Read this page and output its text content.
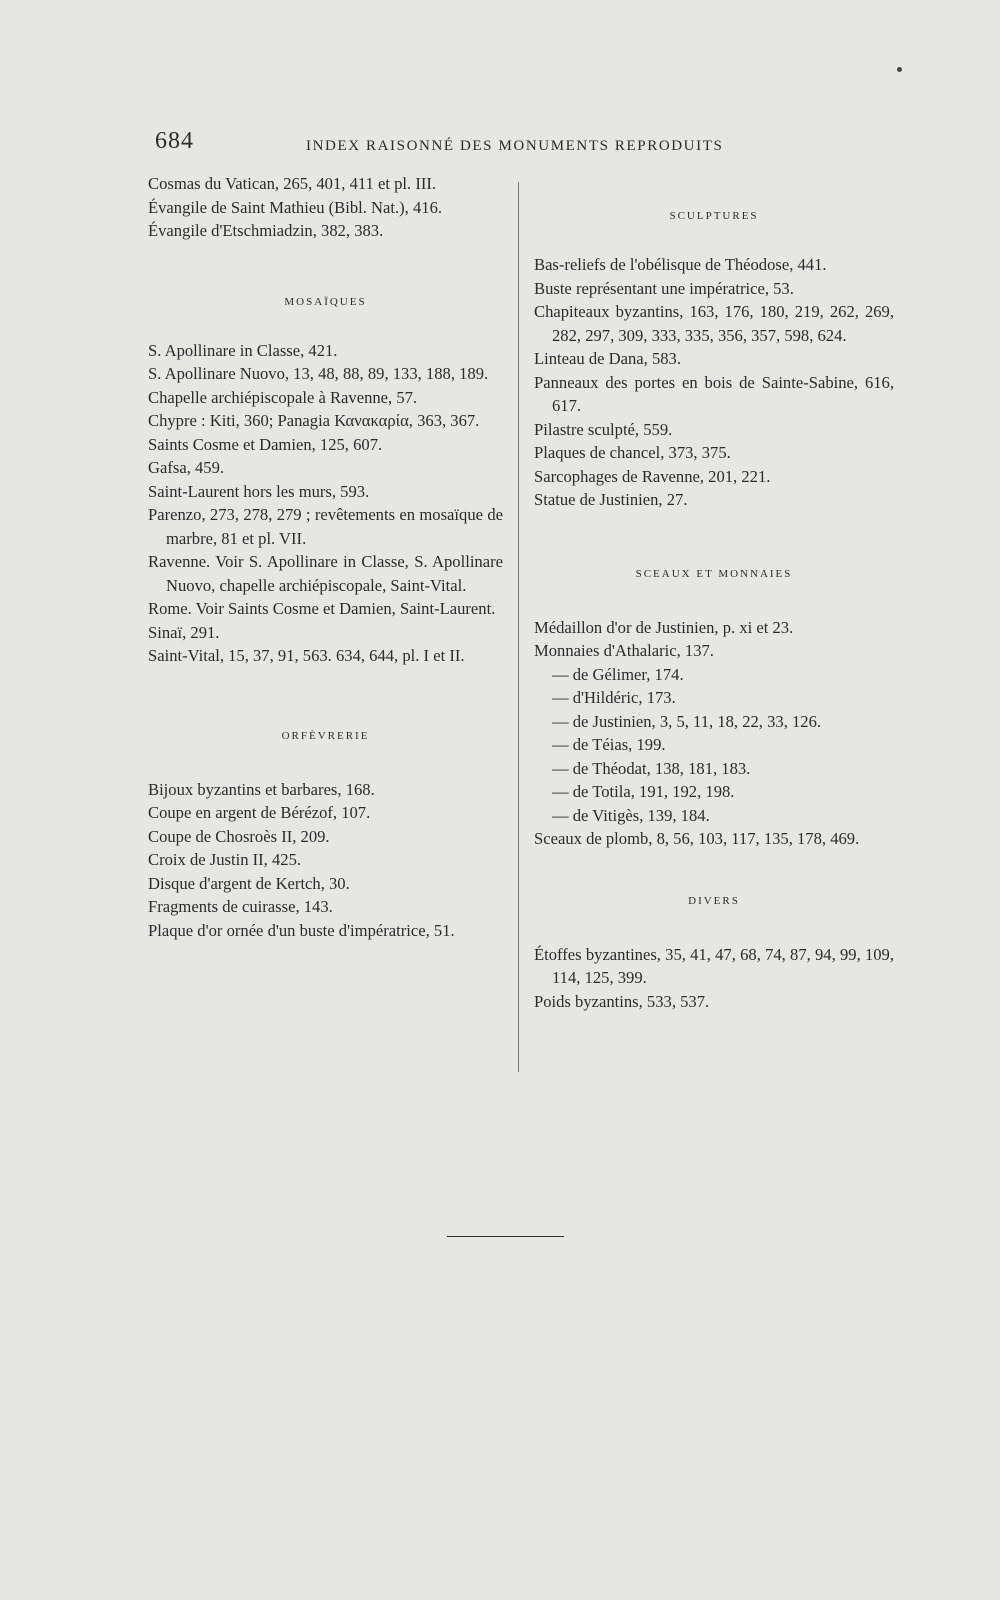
684	INDEX RAISONNÉ DES MONUMENTS REPRODUITS

Cosmas du Vatican, 265, 401, 411 et pl. III.

Évangile de Saint Mathieu (Bibl. Nat.), 416.

Évangile d'Etschmiadzin, 382, 383.

MOSAÏQUES

S. Apollinare in Classe, 421.

S. Apollinare Nuovo, 13, 48, 88, 89, 133, 188, 189.

Chapelle archiépiscopale à Ravenne, 57.

Chypre : Kiti, 360; Panagia Κανακαρία, 363, 367.

Saints Cosme et Damien, 125, 607.

Gafsa, 459.

Saint-Laurent hors les murs, 593.

Parenzo, 273, 278, 279 ; revêtements en mosaïque de marbre, 81 et pl. VII.

Ravenne. Voir S. Apollinare in Classe, S. Apollinare Nuovo, chapelle archiépiscopale, Saint-Vital.

Rome. Voir Saints Cosme et Damien, Saint-Laurent.

Sinaï, 291.

Saint-Vital, 15, 37, 91, 563. 634, 644, pl. I et II.

ORFÈVRERIE

Bijoux byzantins et barbares, 168.

Coupe en argent de Bérézof, 107.

Coupe de Chosroès II, 209.

Croix de Justin II, 425.

Disque d'argent de Kertch, 30.

Fragments de cuirasse, 143.

Plaque d'or ornée d'un buste d'impératrice, 51.

SCULPTURES

Bas-reliefs de l'obélisque de Théodose, 441.

Buste représentant une impératrice, 53.

Chapiteaux byzantins, 163, 176, 180, 219, 262, 269, 282, 297, 309, 333, 335, 356, 357, 598, 624.

Linteau de Dana, 583.

Panneaux des portes en bois de Sainte-Sabine, 616, 617.

Pilastre sculpté, 559.

Plaques de chancel, 373, 375.

Sarcophages de Ravenne, 201, 221.

Statue de Justinien, 27.

SCEAUX ET MONNAIES

Médaillon d'or de Justinien, p. xi et 23.

Monnaies d'Athalaric, 137.

— de Gélimer, 174.

— d'Hildéric, 173.

— de Justinien, 3, 5, 11, 18, 22, 33, 126.

— de Téias, 199.

— de Théodat, 138, 181, 183.

— de Totila, 191, 192, 198.

— de Vitigès, 139, 184.

Sceaux de plomb, 8, 56, 103, 117, 135, 178, 469.

DIVERS

Étoffes byzantines, 35, 41, 47, 68, 74, 87, 94, 99, 109, 114, 125, 399.

Poids byzantins, 533, 537.
